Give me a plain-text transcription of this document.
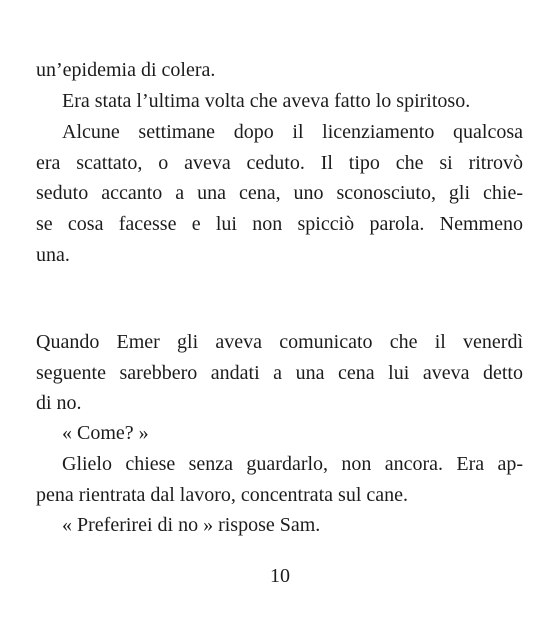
un’epidemia di colera.
Era stata l’ultima volta che aveva fatto lo spiritoso.
Alcune settimane dopo il licenziamento qualcosa
era scattato, o aveva ceduto. Il tipo che si ritrovò
seduto accanto a una cena, uno sconosciuto, gli chie-
se cosa facesse e lui non spicciò parola. Nemmeno
una.
Quando Emer gli aveva comunicato che il venerdì
seguente sarebbero andati a una cena lui aveva detto
di no.
« Come? »
Glielo chiese senza guardarlo, non ancora. Era ap-
pena rientrata dal lavoro, concentrata sul cane.
« Preferirei di no » rispose Sam.
10
